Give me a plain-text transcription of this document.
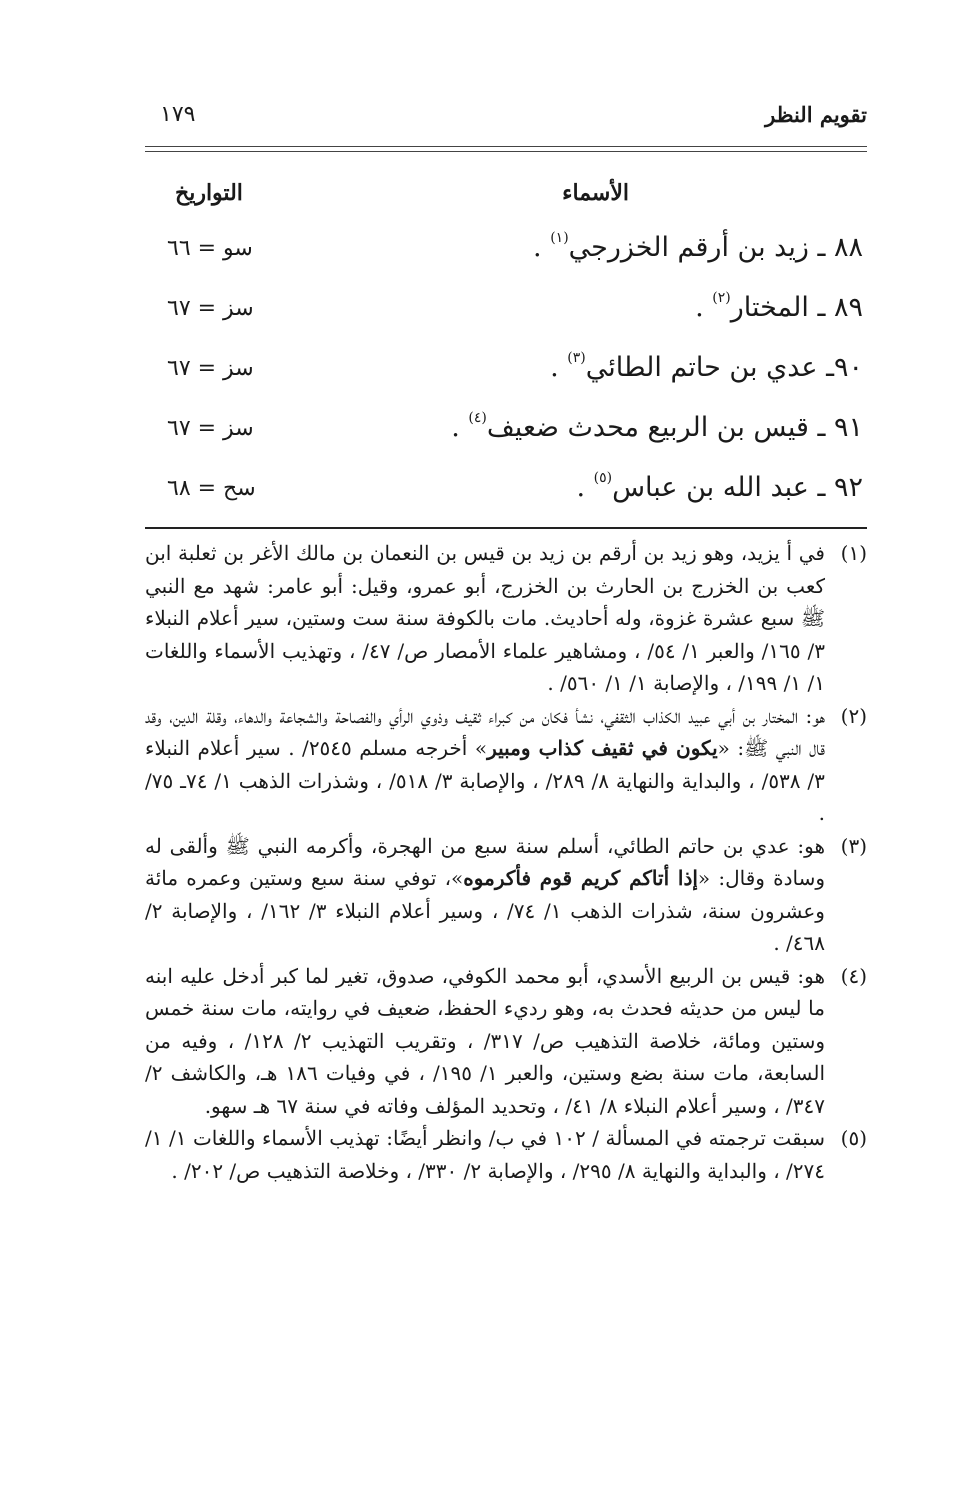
تقويم النظر
١٧٩
الأسماء
التواريخ
٨٨ ـ زيد بن أرقم الخزرجي$^{(١)}$ .
سو = ٦٦
٨٩ ـ المختار$^{(٢)}$ .
سز = ٦٧
٩٠ـ عدي بن حاتم الطائي$^{(٣)}$ .
سز = ٦٧
٩١ ـ قيس بن الربيع محدث ضعيف$^{(٤)}$ .
سز = ٦٧
٩٢ ـ عبد الله بن عباس$^{(٥)}$ .
سح = ٦٨
(١)
في أ يزيد، وهو زيد بن أرقم بن زيد بن قيس بن النعمان بن مالك الأغر بن ثعلبة ابن كعب بن الخزرج بن الحارث بن الخزرج، أبو عمرو، وقيل: أبو عامر: شهد مع النبي ﷺ سبع عشرة غزوة، وله أحاديث. مات بالكوفة سنة ست وستين، سير أعلام النبلاء ٣/ ١٦٥/ والعبر ١/ ٥٤/ ، ومشاهير علماء الأمصار ص/ ٤٧/ ، وتهذيب الأسماء واللغات ١/ ١/ ١٩٩/ ، والإصابة ١/ ١/ ٥٦٠/ .
(٢)
هو: المختار بن أبي عبيد الكذاب الثقفي، نشأ فكان من كبراء ثقيف وذوي الرأي والفصاحة والشجاعة والدهاء، وقلة الدين، وقد قال النبي ﷺ: «يكون في ثقيف كذاب ومبير» أخرجه مسلم ٢٥٤٥/ . سير أعلام النبلاء ٣/ ٥٣٨/ ، والبداية والنهاية ٨/ ٢٨٩/ ، والإصابة ٣/ ٥١٨/ ، وشذرات الذهب ١/ ٧٤ـ ٧٥/ .
(٣)
هو: عدي بن حاتم الطائي، أسلم سنة سبع من الهجرة، وأكرمه النبي ﷺ وألقى له وسادة وقال: «إذا أتاكم كريم قوم فأكرموه»، توفي سنة سبع وستين وعمره مائة وعشرون سنة، شذرات الذهب ١/ ٧٤/ ، وسير أعلام النبلاء ٣/ ١٦٢/ ، والإصابة ٢/ ٤٦٨/ .
(٤)
هو: قيس بن الربيع الأسدي، أبو محمد الكوفي، صدوق، تغير لما كبر أدخل عليه ابنه ما ليس من حديثه فحدث به، وهو رديء الحفظ، ضعيف في روايته، مات سنة خمس وستين ومائة، خلاصة التذهيب ص/ ٣١٧/ ، وتقريب التهذيب ٢/ ١٢٨/ ، وفيه من السابعة، مات سنة بضع وستين، والعبر ١/ ١٩٥/ ، في وفيات ١٨٦ هـ، والكاشف ٢/ ٣٤٧/ ، وسير أعلام النبلاء ٨/ ٤١/ ، وتحديد المؤلف وفاته في سنة ٦٧ هـ سهو.
(٥)
سبقت ترجمته في المسألة / ١٠٢ في ب/ وانظر أيضًا: تهذيب الأسماء واللغات ١/ ١/ ٢٧٤/ ، والبداية والنهاية ٨/ ٢٩٥/ ، والإصابة ٢/ ٣٣٠/ ، وخلاصة التذهيب ص/ ٢٠٢/ .
